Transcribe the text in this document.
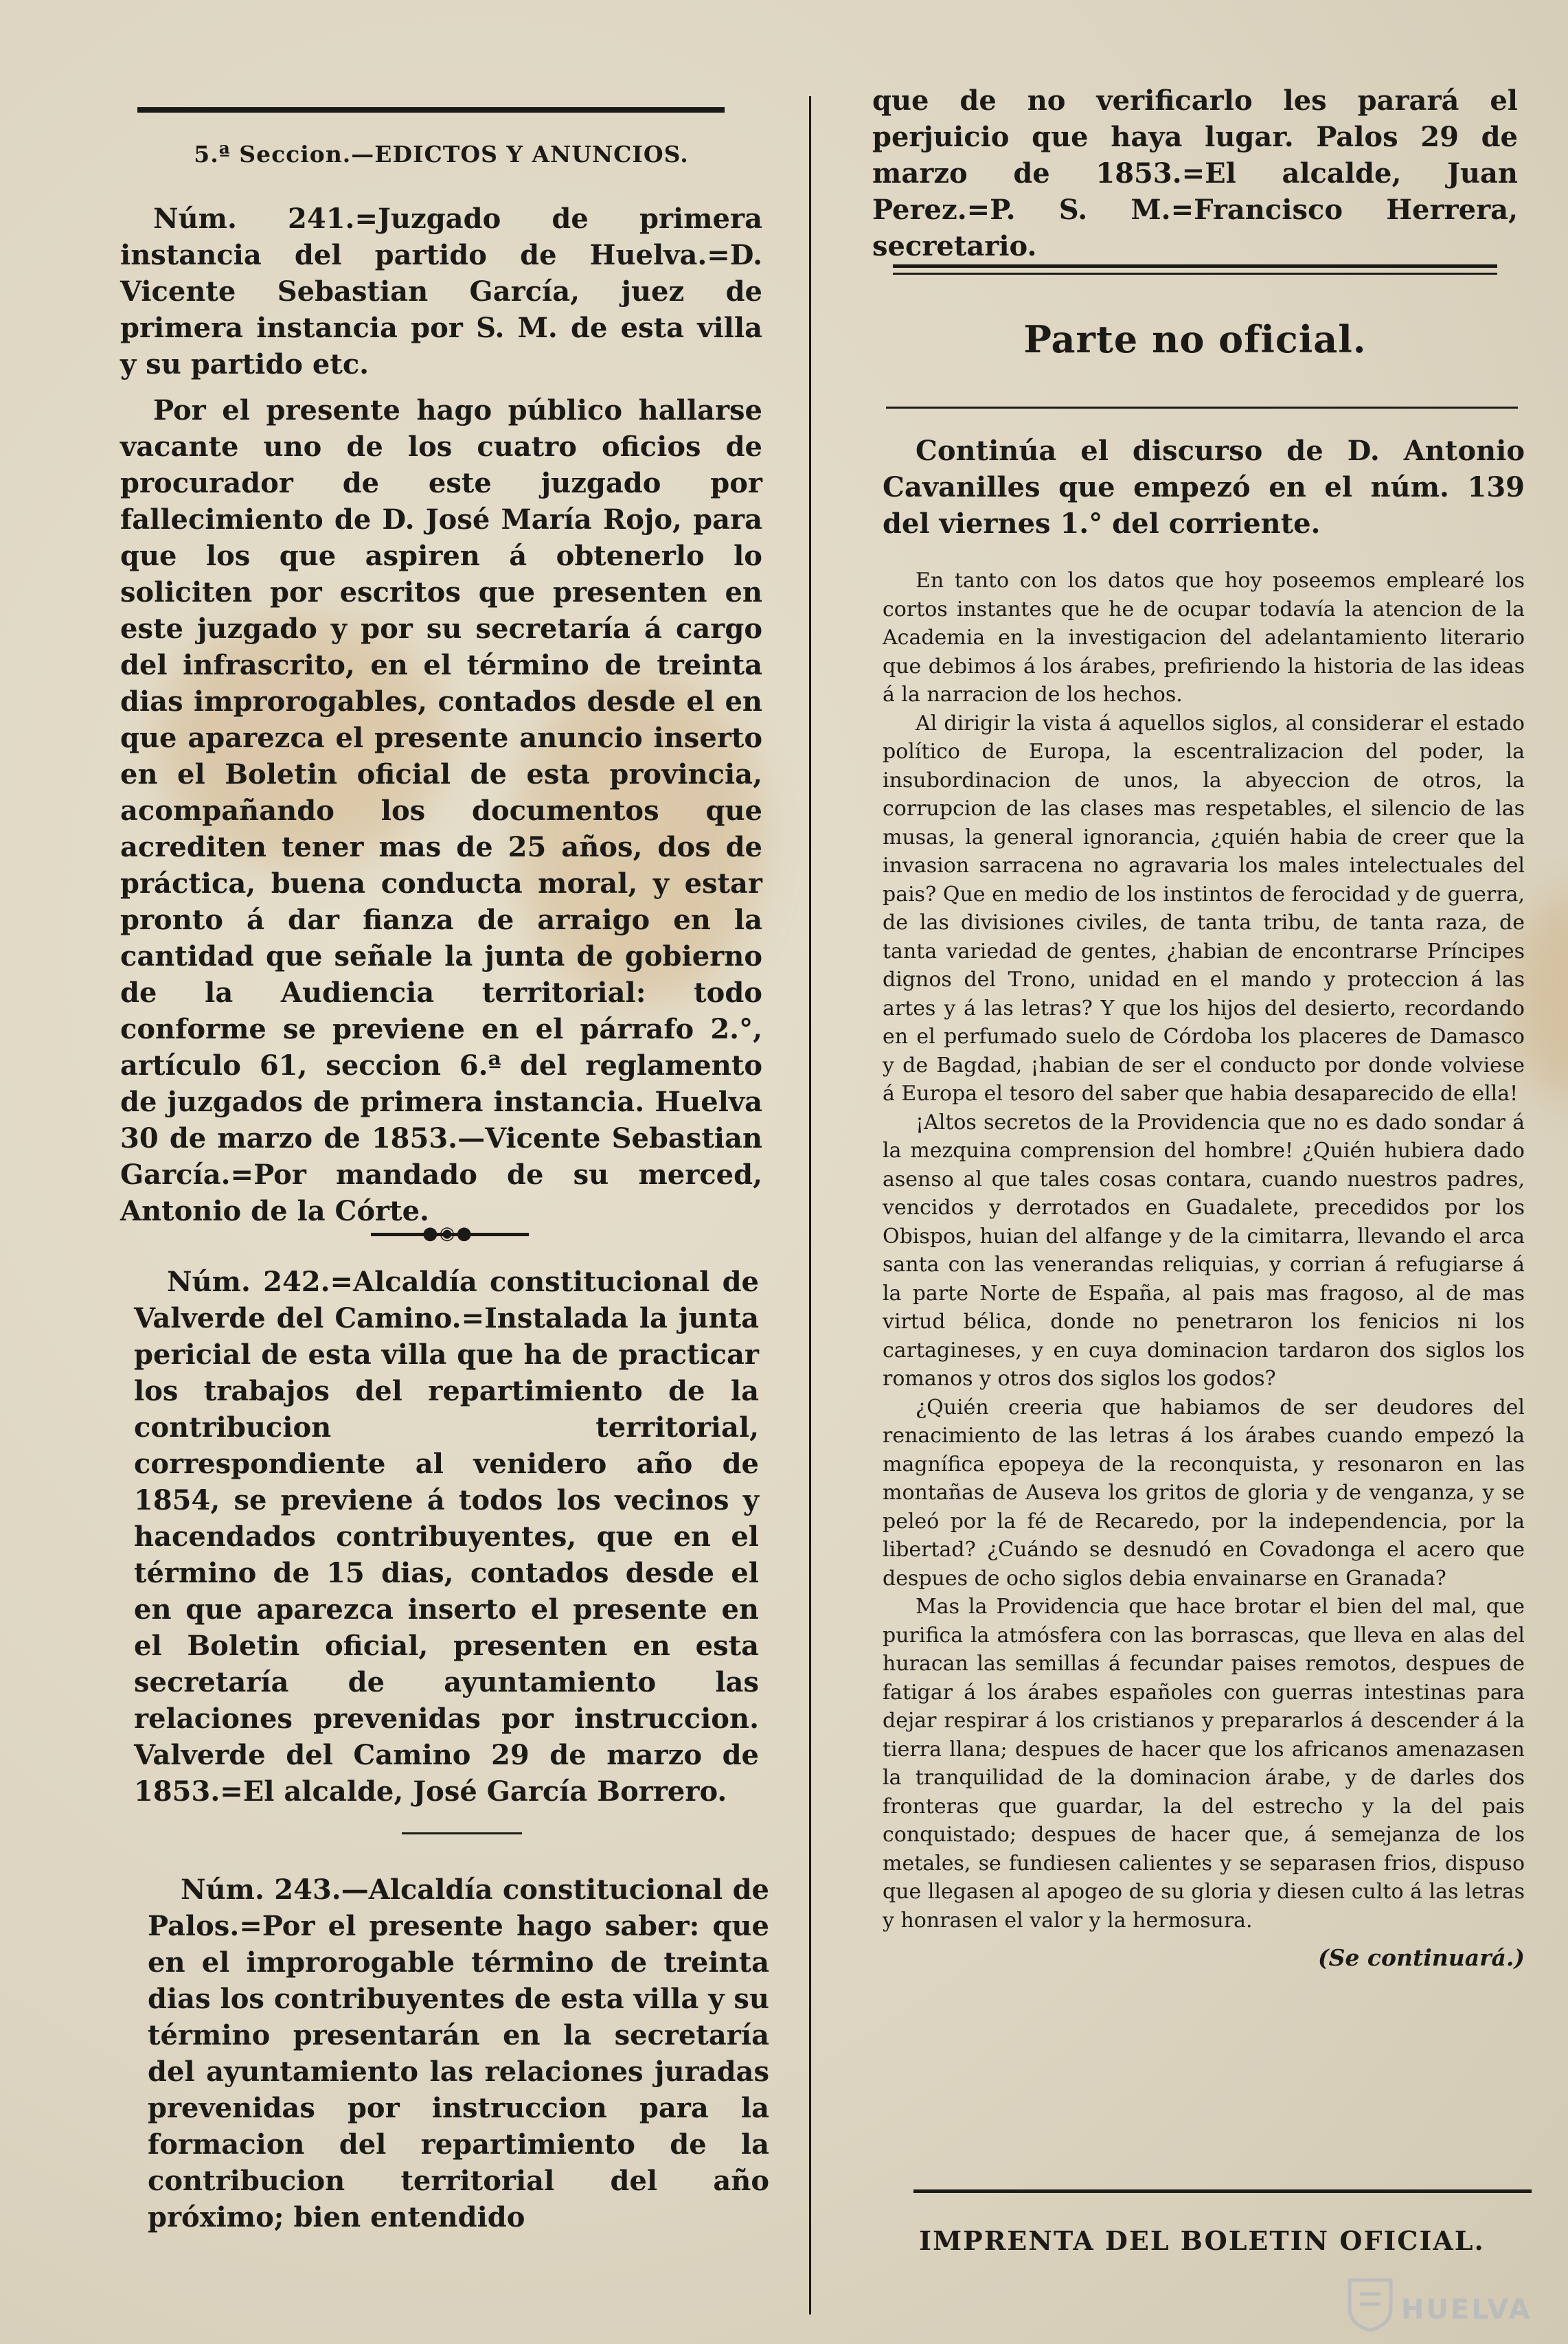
5.ª Seccion.—EDICTOS Y ANUNCIOS.

Núm. 241.=Juzgado de primera instancia del partido de Huelva.=D. Vicente Sebastian García, juez de primera instancia por S. M. de esta villa y su partido etc.

Por el presente hago público hallarse vacante uno de los cuatro oficios de procurador de este juzgado por fallecimiento de D. José María Rojo, para que los que aspiren á obtenerlo lo soliciten por escritos que presenten en este juzgado y por su secretaría á cargo del infrascrito, en el término de treinta dias improrogables, contados desde el en que aparezca el presente anuncio inserto en el Boletin oficial de esta provincia, acompañando los documentos que acrediten tener mas de 25 años, dos de práctica, buena conducta moral, y estar pronto á dar fianza de arraigo en la cantidad que señale la junta de gobierno de la Audiencia territorial: todo conforme se previene en el párrafo 2.°, artículo 61, seccion 6.ª del reglamento de juzgados de primera instancia. Huelva 30 de marzo de 1853.—Vicente Sebastian García.=Por mandado de su merced, Antonio de la Córte.

●◉●

Núm. 242.=Alcaldía constitucional de Valverde del Camino.=Instalada la junta pericial de esta villa que ha de practicar los trabajos del repartimiento de la contribucion territorial, correspondiente al venidero año de 1854, se previene á todos los vecinos y hacendados contribuyentes, que en el término de 15 dias, contados desde el en que aparezca inserto el presente en el Boletin oficial, presenten en esta secretaría de ayuntamiento las relaciones prevenidas por instruccion. Valverde del Camino 29 de marzo de 1853.=El alcalde, José García Borrero.

Núm. 243.—Alcaldía constitucional de Palos.=Por el presente hago saber: que en el improrogable término de treinta dias los contribuyentes de esta villa y su término presentarán en la secretaría del ayuntamiento las relaciones juradas prevenidas por instruccion para la formacion del repartimiento de la contribucion territorial del año próximo; bien entendido

que de no verificarlo les parará el perjuicio que haya lugar. Palos 29 de marzo de 1853.=El alcalde, Juan Perez.=P. S. M.=Francisco Herrera, secretario.

Parte no oficial.

Continúa el discurso de D. Antonio Cavanilles que empezó en el núm. 139 del viernes 1.° del corriente.

En tanto con los datos que hoy poseemos emplearé los cortos instantes que he de ocupar todavía la atencion de la Academia en la investigacion del adelantamiento literario que debimos á los árabes, prefiriendo la historia de las ideas á la narracion de los hechos.

Al dirigir la vista á aquellos siglos, al considerar el estado político de Europa, la escentralizacion del poder, la insubordinacion de unos, la abyeccion de otros, la corrupcion de las clases mas respetables, el silencio de las musas, la general ignorancia, ¿quién habia de creer que la invasion sarracena no agravaria los males intelectuales del pais? Que en medio de los instintos de ferocidad y de guerra, de las divisiones civiles, de tanta tribu, de tanta raza, de tanta variedad de gentes, ¿habian de encontrarse Príncipes dignos del Trono, unidad en el mando y proteccion á las artes y á las letras? Y que los hijos del desierto, recordando en el perfumado suelo de Córdoba los placeres de Damasco y de Bagdad, ¡habian de ser el conducto por donde volviese á Europa el tesoro del saber que habia desaparecido de ella!

¡Altos secretos de la Providencia que no es dado sondar á la mezquina comprension del hombre! ¿Quién hubiera dado asenso al que tales cosas contara, cuando nuestros padres, vencidos y derrotados en Guadalete, precedidos por los Obispos, huian del alfange y de la cimitarra, llevando el arca santa con las venerandas reliquias, y corrian á refugiarse á la parte Norte de España, al pais mas fragoso, al de mas virtud bélica, donde no penetraron los fenicios ni los cartagineses, y en cuya dominacion tardaron dos siglos los romanos y otros dos siglos los godos?

¿Quién creeria que habiamos de ser deudores del renacimiento de las letras á los árabes cuando empezó la magnífica epopeya de la reconquista, y resonaron en las montañas de Auseva los gritos de gloria y de venganza, y se peleó por la fé de Recaredo, por la independencia, por la libertad? ¿Cuándo se desnudó en Covadonga el acero que despues de ocho siglos debia envainarse en Granada?

Mas la Providencia que hace brotar el bien del mal, que purifica la atmósfera con las borrascas, que lleva en alas del huracan las semillas á fecundar paises remotos, despues de fatigar á los árabes españoles con guerras intestinas para dejar respirar á los cristianos y prepararlos á descender á la tierra llana; despues de hacer que los africanos amenazasen la tranquilidad de la dominacion árabe, y de darles dos fronteras que guardar, la del estrecho y la del pais conquistado; despues de hacer que, á semejanza de los metales, se fundiesen calientes y se separasen frios, dispuso que llegasen al apogeo de su gloria y diesen culto á las letras y honrasen el valor y la hermosura.

(Se continuará.)
IMPRENTA DEL BOLETIN OFICIAL.
HUELVA
